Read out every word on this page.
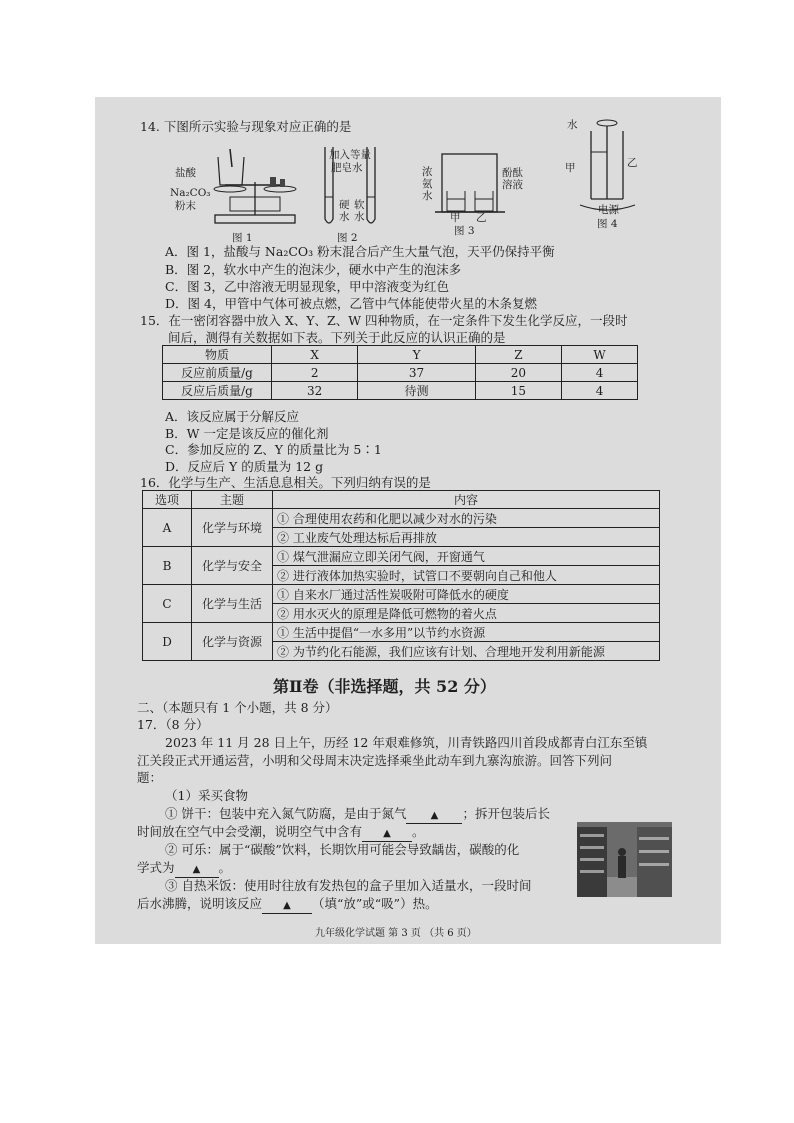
14. 下图所示实验与现象对应正确的是
盐酸
Na₂CO₃
粉末
图 1
加入等量
肥皂水
硬水
软水
图 2
浓氨水
酚酞溶液
甲 乙
图 3
水
甲	乙
电源
图 4
A．图 1，盐酸与 Na₂CO₃ 粉末混合后产生大量气泡，天平仍保持平衡
B．图 2，软水中产生的泡沫少，硬水中产生的泡沫多
C．图 3，乙中溶液无明显现象，甲中溶液变为红色
D．图 4，甲管中气体可被点燃，乙管中气体能使带火星的木条复燃
15．在一密闭容器中放入 X、Y、Z、W 四种物质，在一定条件下发生化学反应，一段时
间后，测得有关数据如下表。下列关于此反应的认识正确的是
物质	X	Y	Z	W
反应前质量/g	2	37	20	4
反应后质量/g	32	待测	15	4
A．该反应属于分解反应
B．W 一定是该反应的催化剂
C．参加反应的 Z、Y 的质量比为 5∶1
D．反应后 Y 的质量为 12 g
16．化学与生产、生活息息相关。下列归纳有误的是
选项	主题	内容
A	化学与环境	① 合理使用农药和化肥以减少对水的污染
		② 工业废气处理达标后再排放
B	化学与安全	① 煤气泄漏应立即关闭气阀，开窗通气
		② 进行液体加热实验时，试管口不要朝向自己和他人
C	化学与生活	① 自来水厂通过活性炭吸附可降低水的硬度
		② 用水灭火的原理是降低可燃物的着火点
D	化学与资源	① 生活中提倡“一水多用”以节约水资源
		② 为节约化石能源，我们应该有计划、合理地开发利用新能源
第Ⅱ卷（非选择题，共 52 分）
二、（本题只有 1 个小题，共 8 分）
17．（8 分）
2023 年 11 月 28 日上午，历经 12 年艰难修筑，川青铁路四川首段成都青白江东至镇
江关段正式开通运营，小明和父母周末决定选择乘坐此动车到九寨沟旅游。回答下列问
题：
（1）采买食物
① 饼干：包装中充入氮气防腐，是由于氮气 ▲ ；拆开包装后长
时间放在空气中会受潮，说明空气中含有 ▲ 。
② 可乐：属于“碳酸”饮料，长期饮用可能会导致龋齿，碳酸的化
学式为 ▲ 。
③ 自热米饭：使用时往放有发热包的盒子里加入适量水，一段时间
后水沸腾，说明该反应 ▲ （填“放”或“吸”）热。
九年级化学试题 第 3 页 （共 6 页）
